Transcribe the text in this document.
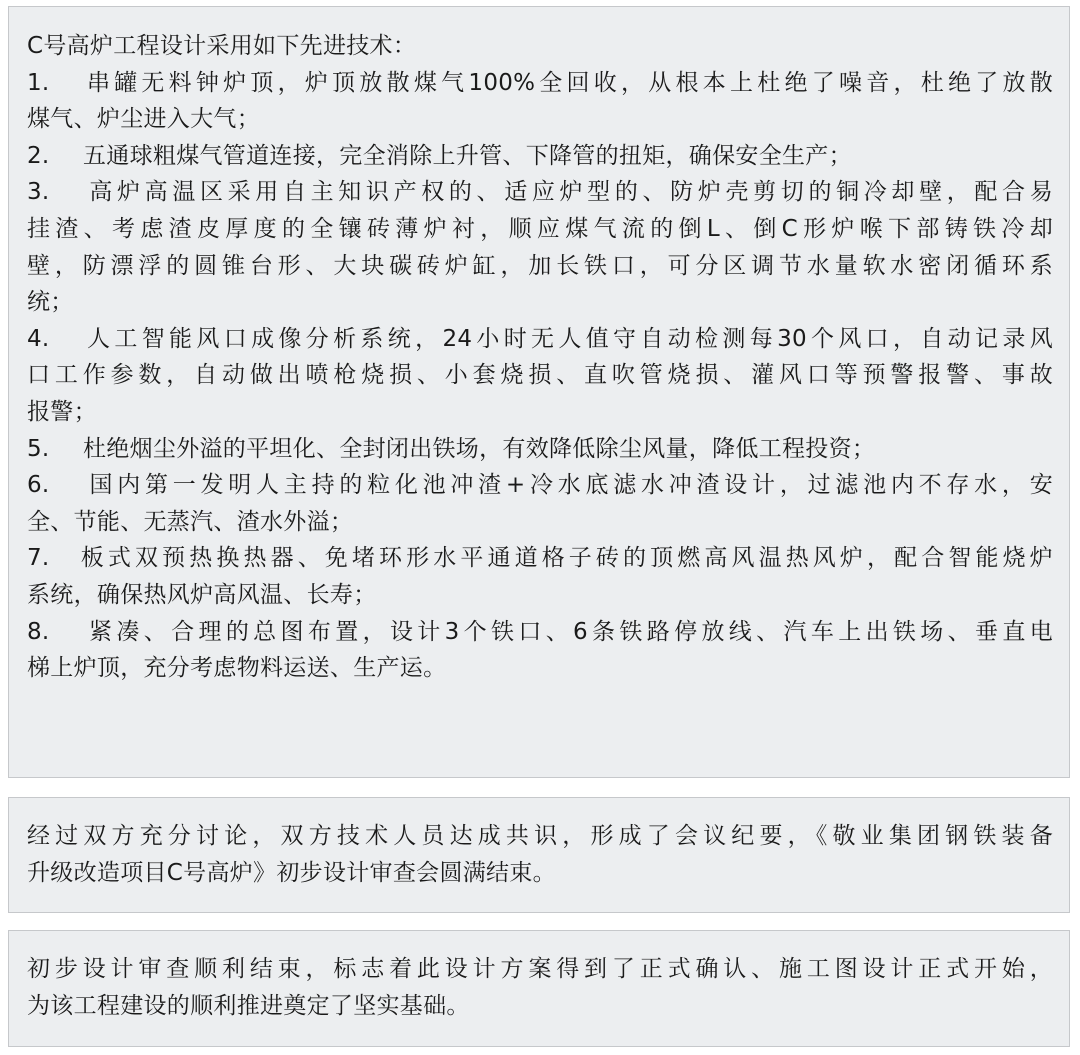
C号高炉工程设计采用如下先进技术：
1. 串罐无料钟炉顶，炉顶放散煤气100%全回收，从根本上杜绝了噪音，杜绝了放散
煤气、炉尘进入大气；
2. 五通球粗煤气管道连接，完全消除上升管、下降管的扭矩，确保安全生产；
3. 高炉高温区采用自主知识产权的、适应炉型的、防炉壳剪切的铜冷却壁，配合易
挂渣、考虑渣皮厚度的全镶砖薄炉衬，顺应煤气流的倒L、倒C形炉喉下部铸铁冷却
壁，防漂浮的圆锥台形、大块碳砖炉缸，加长铁口，可分区调节水量软水密闭循环系
统；
4. 人工智能风口成像分析系统，24小时无人值守自动检测每30个风口，自动记录风
口工作参数，自动做出喷枪烧损、小套烧损、直吹管烧损、灌风口等预警报警、事故
报警；
5. 杜绝烟尘外溢的平坦化、全封闭出铁场，有效降低除尘风量，降低工程投资；
6. 国内第一发明人主持的粒化池冲渣+冷水底滤水冲渣设计，过滤池内不存水，安
全、节能、无蒸汽、渣水外溢；
7. 板式双预热换热器、免堵环形水平通道格子砖的顶燃高风温热风炉，配合智能烧炉
系统，确保热风炉高风温、长寿；
8. 紧凑、合理的总图布置，设计3个铁口、6条铁路停放线、汽车上出铁场、垂直电
梯上炉顶，充分考虑物料运送、生产运。
经过双方充分讨论，双方技术人员达成共识，形成了会议纪要，《敬业集团钢铁装备
升级改造项目C号高炉》初步设计审查会圆满结束。
初步设计审查顺利结束，标志着此设计方案得到了正式确认、施工图设计正式开始，
为该工程建设的顺利推进奠定了坚实基础。
